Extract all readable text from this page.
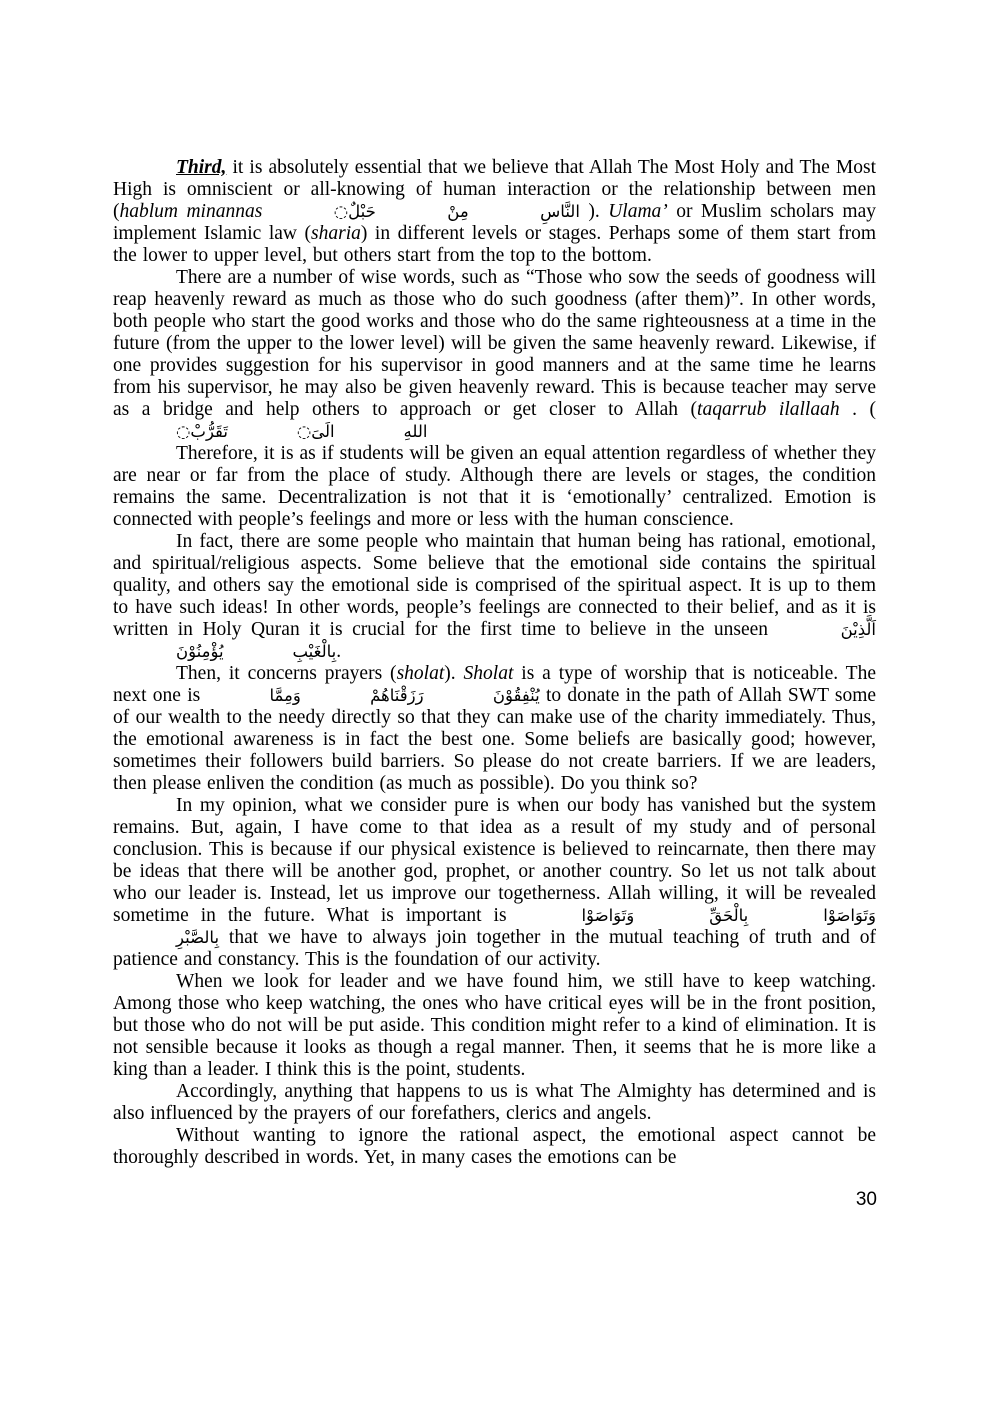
Third, it is absolutely essential that we believe that Allah The Most Holy and The Most High is omniscient or all-knowing of human interaction or the relationship between men (hablum minannas	◌حَبْلٌ	مِنْ	النَّاسِ ). Ulama’ or Muslim scholars may implement Islamic law (sharia) in different levels or stages. Perhaps some of them start from the lower to upper level, but others start from the top to the bottom.

There are a number of wise words, such as “Those who sow the seeds of goodness will reap heavenly reward as much as those who do such goodness (after them)”. In other words, both people who start the good works and those who do the same righteousness at a time in the future (from the upper to the lower level) will be given the same heavenly reward. Likewise, if one provides suggestion for his supervisor in good manners and at the same time he learns from his supervisor, he may also be given heavenly reward. This is because teacher may serve as a bridge and help others to approach or get closer to Allah (taqarrub ilallaah . ( ◌تَقَرُّبْ	◌الَىَ	اللهِ

Therefore, it is as if students will be given an equal attention regardless of whether they are near or far from the place of study. Although there are levels or stages, the condition remains the same. Decentralization is not that it is ‘emotionally’ centralized. Emotion is connected with people’s feelings and more or less with the human conscience.

In fact, there are some people who maintain that human being has rational, emotional, and spiritual/religious aspects. Some believe that the emotional side contains the spiritual quality, and others say the emotional side is comprised of the spiritual aspect. It is up to them to have such ideas! In other words, people’s feelings are connected to their belief, and as it is written in Holy Quran it is crucial for the first time to believe in the unseen	اَلَّذِيْنَ يُؤْمِنُوْنَ	بِالْغَيْبِ.

Then, it concerns prayers (sholat). Sholat is a type of worship that is noticeable. The next one is	وَمِمَّا	رَزَقْنَاهُمْ	يُنْفِقُوْنَ to donate in the path of Allah SWT some of our wealth to the needy directly so that they can make use of the charity immediately. Thus, the emotional awareness is in fact the best one. Some beliefs are basically good; however, sometimes their followers build barriers. So please do not create barriers. If we are leaders, then please enliven the condition (as much as possible). Do you think so?

In my opinion, what we consider pure is when our body has vanished but the system remains. But, again, I have come to that idea as a result of my study and of personal conclusion. This is because if our physical existence is believed to reincarnate, then there may be ideas that there will be another god, prophet, or another country. So let us not talk about who our leader is. Instead, let us improve our togetherness. Allah willing, it will be revealed sometime in the future. What is important is	وَتَوَاصَوْا	بِالْحَقِّ	وَتَوَاصَوْا بِالصَّبْرِ that we have to always join together in the mutual teaching of truth and of patience and constancy. This is the foundation of our activity.

When we look for leader and we have found him, we still have to keep watching. Among those who keep watching, the ones who have critical eyes will be in the front position, but those who do not will be put aside. This condition might refer to a kind of elimination. It is not sensible because it looks as though a regal manner. Then, it seems that he is more like a king than a leader. I think this is the point, students.

Accordingly, anything that happens to us is what The Almighty has determined and is also influenced by the prayers of our forefathers, clerics and angels.

Without wanting to ignore the rational aspect, the emotional aspect cannot be thoroughly described in words. Yet, in many cases the emotions can be

30
